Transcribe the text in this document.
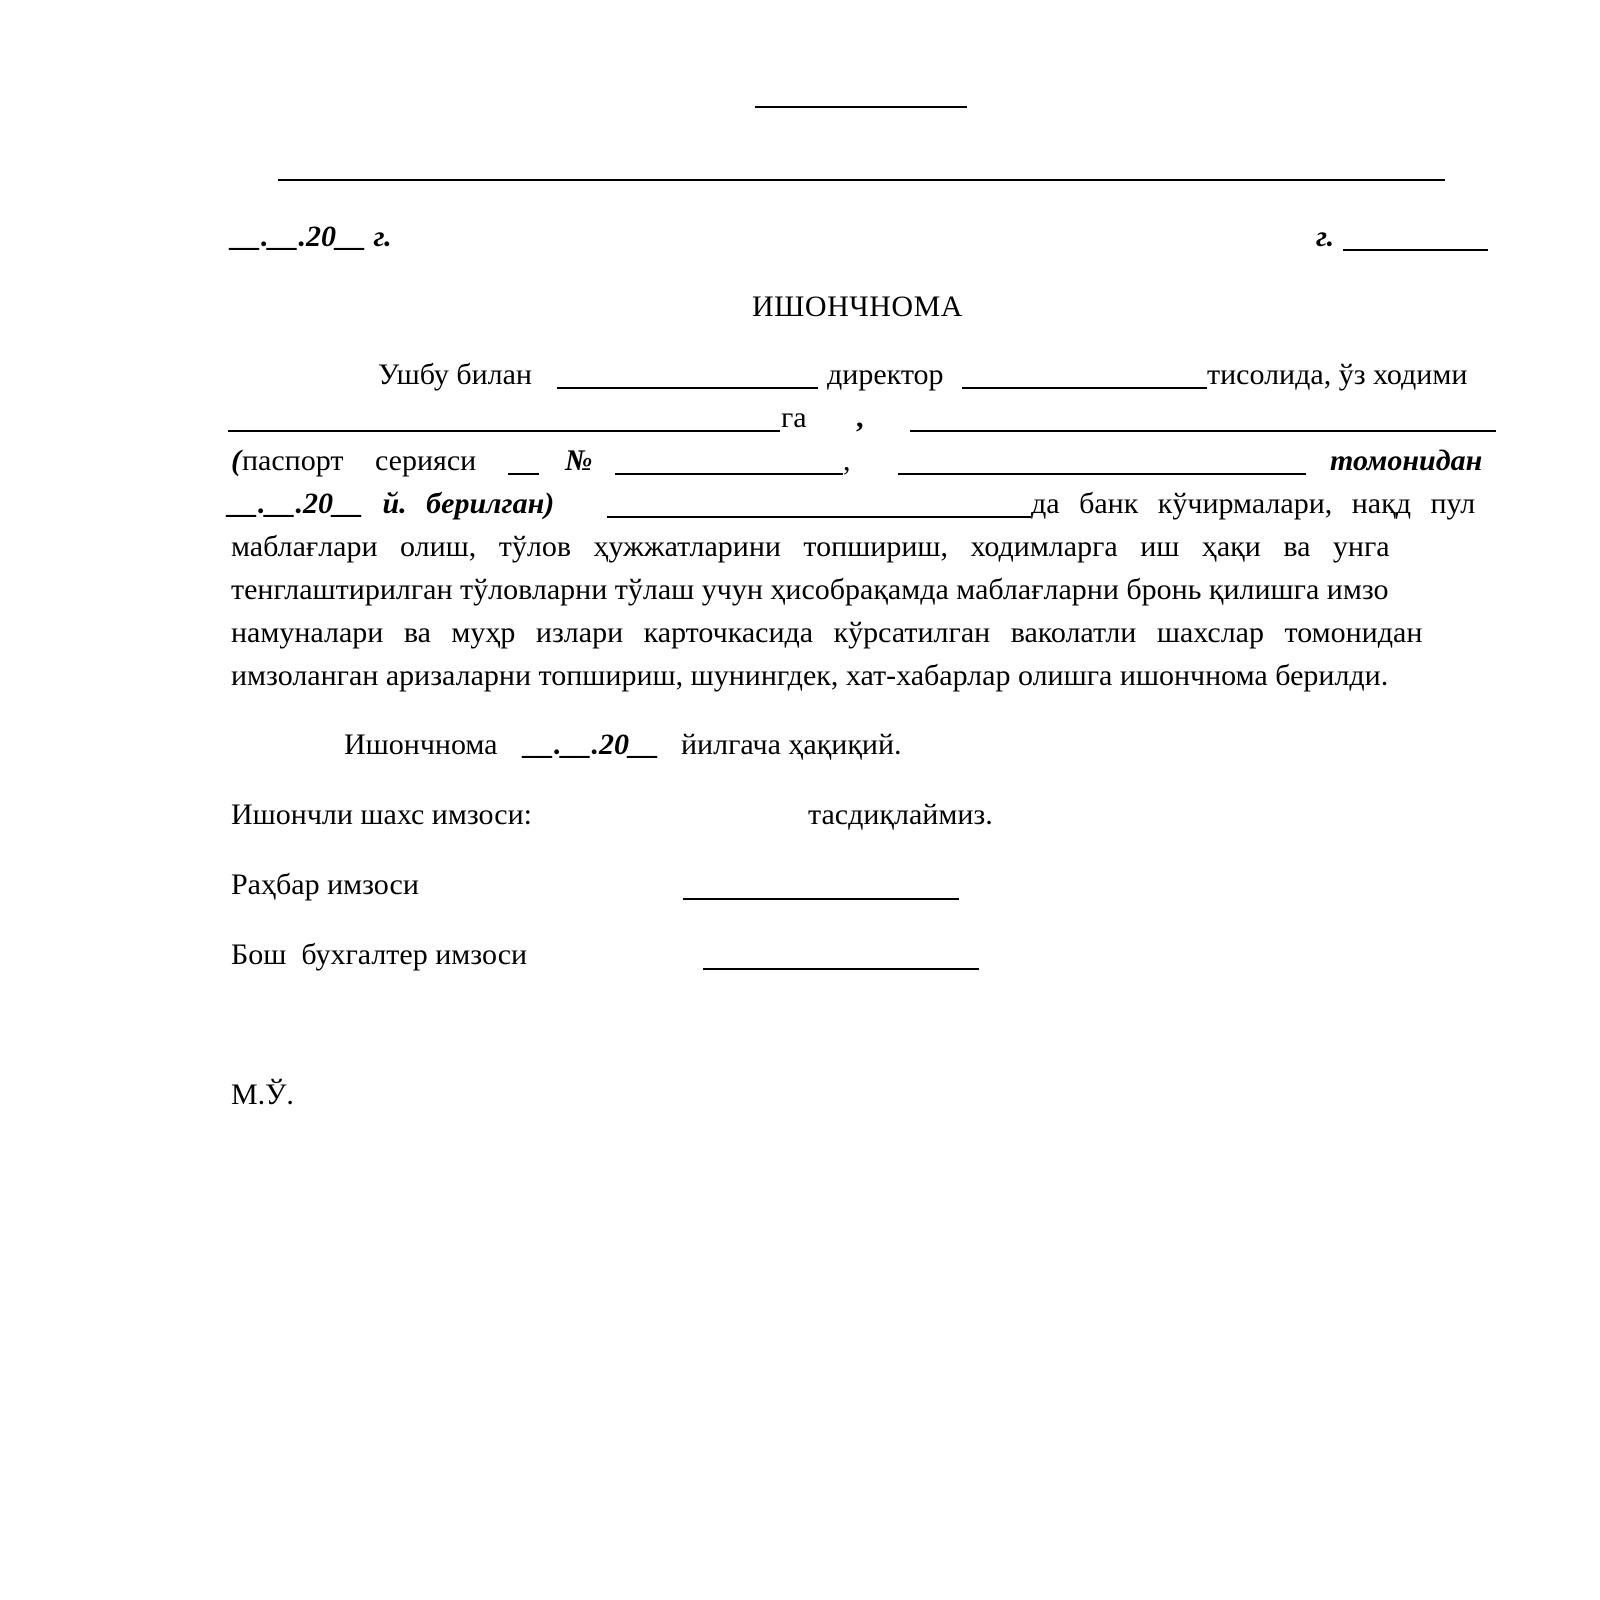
__.__.20__ г.	г.
ИШОНЧНОМА
Ушбу билан	директор	тисолида, ўз ходими
га ,
( паспорт серияси	№	,	томонидан
__.__.20__ й. берилган)	да банк кўчирмалари, нақд пул
маблағлари олиш, тўлов ҳужжатларини топшириш, ходимларга иш ҳақи ва унга
тенглаштирилган тўловларни тўлаш учун ҳисобрақамда маблағларни бронь қилишга имзо
намуналари ва муҳр излари карточкасида кўрсатилган ваколатли шахслар томонидан
имзоланган аризаларни топшириш, шунингдек, хат-хабарлар олишга ишончнома берилди.
Ишончнома __.__.20__ йилгача ҳақиқий.
Ишончли шахс имзоси:	тасдиқлаймиз.
Раҳбар имзоси
Бош  бухгалтер имзоси
М.Ў.
